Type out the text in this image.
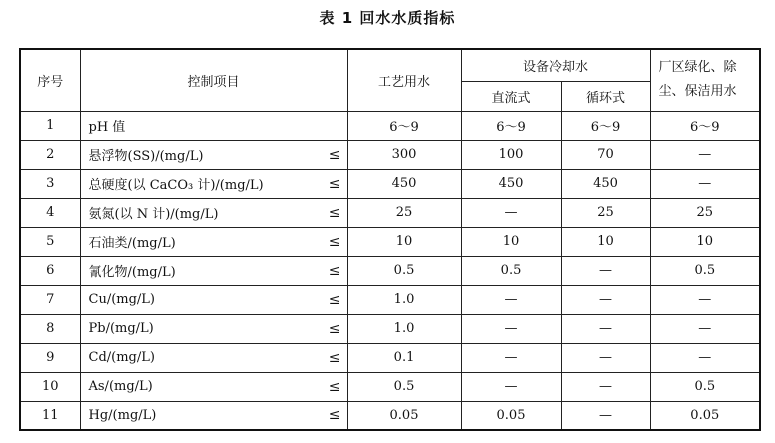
表 1 回水水质指标
序号	控制项目		工艺用水	设备冷却水		厂区绿化、除尘、保洁用水
				直流式	循环式	
1	pH 值		6～9	6～9	6～9	6～9
2	悬浮物(SS)/(mg/L)	≤	300	100	70	—
3	总硬度(以 CaCO₃ 计)/(mg/L)	≤	450	450	450	—
4	氨氮(以 N 计)/(mg/L)	≤	25	—	25	25
5	石油类/(mg/L)	≤	10	10	10	10
6	氰化物/(mg/L)	≤	0.5	0.5	—	0.5
7	Cu/(mg/L)	≤	1.0	—	—	—
8	Pb/(mg/L)	≤	1.0	—	—	—
9	Cd/(mg/L)	≤	0.1	—	—	—
10	As/(mg/L)	≤	0.5	—	—	0.5
11	Hg/(mg/L)	≤	0.05	0.05	—	0.05
